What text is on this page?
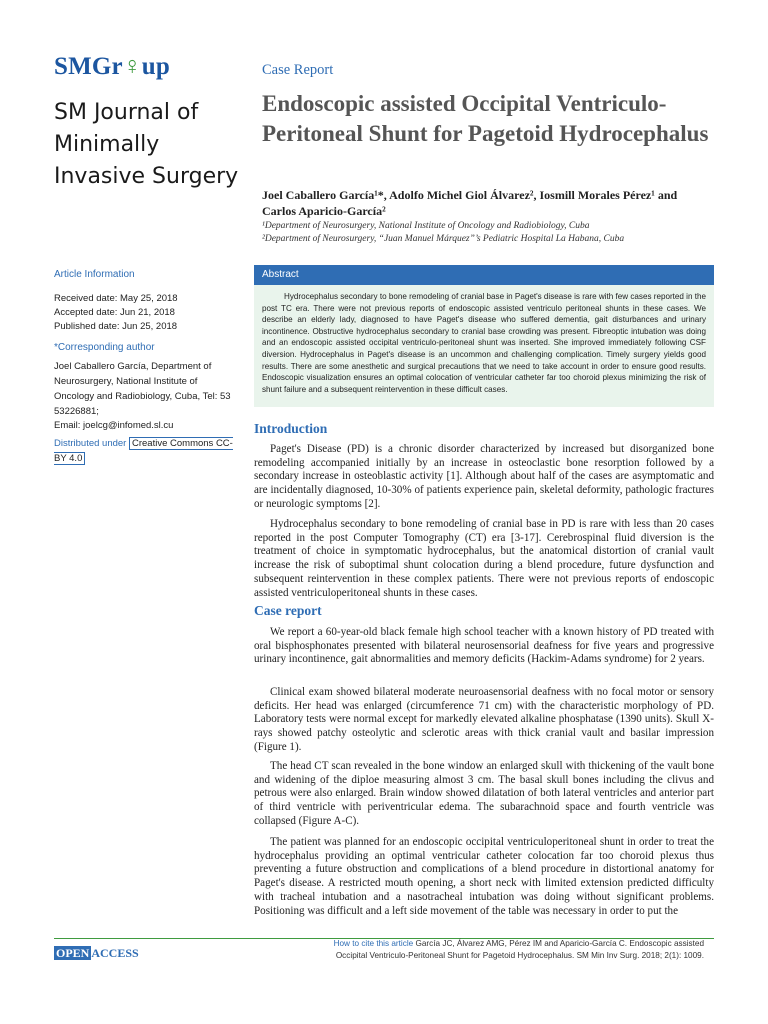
SMGr♀up
SM Journal of Minimally Invasive Surgery
Case Report
Endoscopic assisted Occipital Ventriculo-Peritoneal Shunt for Pagetoid Hydrocephalus
Joel Caballero García¹*, Adolfo Michel Giol Álvarez², Iosmill Morales Pérez¹ and Carlos Aparicio-García²
¹Department of Neurosurgery, National Institute of Oncology and Radiobiology, Cuba
²Department of Neurosurgery, “Juan Manuel Márquez”’s Pediatric Hospital La Habana, Cuba
Article Information
Received date: May 25, 2018
Accepted date: Jun 21, 2018
Published date: Jun 25, 2018
*Corresponding author
Joel Caballero García, Department of Neurosurgery, National Institute of Oncology and Radiobiology, Cuba, Tel: 53 53226881;
Email: joelcg@infomed.sl.cu
Distributed under Creative Commons CC-BY 4.0
Abstract
Hydrocephalus secondary to bone remodeling of cranial base in Paget's disease is rare with few cases reported in the post TC era. There were not previous reports of endoscopic assisted ventriculo peritoneal shunts in these cases. We describe an elderly lady, diagnosed to have Paget's disease who suffered dementia, gait disturbances and urinary incontinence. Obstructive hydrocephalus secondary to cranial base crowding was present. Fibreoptic intubation was doing and an endoscopic assisted occipital ventriculo-peritoneal shunt was inserted. She improved immediately following CSF diversion. Hydrocephalus in Paget's disease is an uncommon and challenging complication. Timely surgery yields good results. There are some anesthetic and surgical precautions that we need to take account in order to ensure good results. Endoscopic visualization ensures an optimal colocation of ventricular catheter far too choroid plexus minimizing the risk of shunt failure and a subsequent reintervention in these difficult cases.
Introduction
Paget's Disease (PD) is a chronic disorder characterized by increased but disorganized bone remodeling accompanied initially by an increase in osteoclastic bone resorption followed by a secondary increase in osteoblastic activity [1]. Although about half of the cases are asymptomatic and are incidentally diagnosed, 10-30% of patients experience pain, skeletal deformity, pathologic fractures or neurologic symptoms [2].
Hydrocephalus secondary to bone remodeling of cranial base in PD is rare with less than 20 cases reported in the post Computer Tomography (CT) era [3-17]. Cerebrospinal fluid diversion is the treatment of choice in symptomatic hydrocephalus, but the anatomical distortion of cranial vault increase the risk of suboptimal shunt colocation during a blend procedure, future dysfunction and subsequent reintervention in these complex patients. There were not previous reports of endoscopic assisted ventriculoperitoneal shunts in these cases.
Case report
We report a 60-year-old black female high school teacher with a known history of PD treated with oral bisphosphonates presented with bilateral neurosensorial deafness for five years and progressive urinary incontinence, gait abnormalities and memory deficits (Hackim-Adams syndrome) for 2 years.
Clinical exam showed bilateral moderate neuroasensorial deafness with no focal motor or sensory deficits. Her head was enlarged (circumference 71 cm) with the characteristic morphology of PD. Laboratory tests were normal except for markedly elevated alkaline phosphatase (1390 units). Skull X-rays showed patchy osteolytic and sclerotic areas with thick cranial vault and basilar impression (Figure 1).
The head CT scan revealed in the bone window an enlarged skull with thickening of the vault bone and widening of the diploe measuring almost 3 cm. The basal skull bones including the clivus and petrous were also enlarged. Brain window showed dilatation of both lateral ventricles and anterior part of third ventricle with periventricular edema. The subarachnoid space and fourth ventricle was collapsed (Figure A-C).
The patient was planned for an endoscopic occipital ventriculoperitoneal shunt in order to treat the hydrocephalus providing an optimal ventricular catheter colocation far too choroid plexus thus preventing a future obstruction and complications of a blend procedure in distortional anatomy for Paget's disease. A restricted mouth opening, a short neck with limited extension predicted difficulty with tracheal intubation and a nasotracheal intubation was doing without significant problems. Positioning was difficult and a left side movement of the table was necessary in order to put the
OPEN ACCESS
How to cite this article García JC, Álvarez AMG, Pérez IM and Aparicio-García C. Endoscopic assisted Occipital Ventriculo-Peritoneal Shunt for Pagetoid Hydrocephalus. SM Min Inv Surg. 2018; 2(1): 1009.
